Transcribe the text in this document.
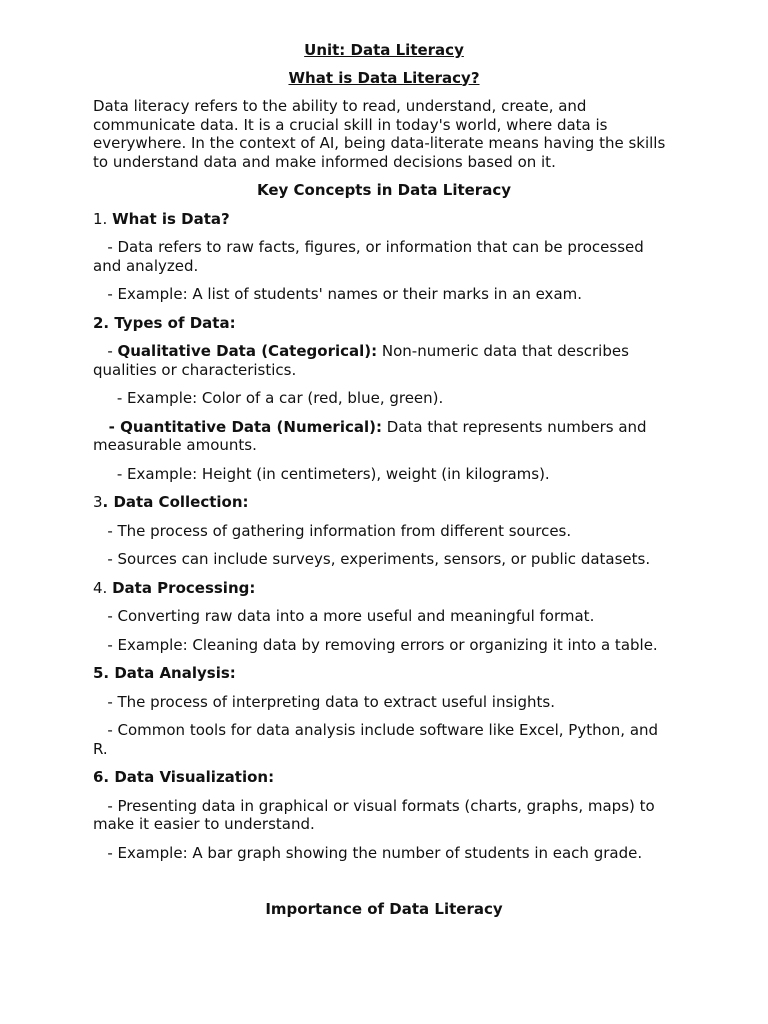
Unit: Data Literacy
What is Data Literacy?

Data literacy refers to the ability to read, understand, create, and communicate data. It is a crucial skill in today's world, where data is everywhere. In the context of AI, being data-literate means having the skills to understand data and make informed decisions based on it.

Key Concepts in Data Literacy

1. What is Data?

- Data refers to raw facts, figures, or information that can be processed and analyzed.

- Example: A list of students' names or their marks in an exam.

2. Types of Data:

- Qualitative Data (Categorical): Non-numeric data that describes qualities or characteristics.

- Example: Color of a car (red, blue, green).

- Quantitative Data (Numerical): Data that represents numbers and measurable amounts.

- Example: Height (in centimeters), weight (in kilograms).

3. Data Collection:

- The process of gathering information from different sources.

- Sources can include surveys, experiments, sensors, or public datasets.

4. Data Processing:

- Converting raw data into a more useful and meaningful format.

- Example: Cleaning data by removing errors or organizing it into a table.

5. Data Analysis:

- The process of interpreting data to extract useful insights.

- Common tools for data analysis include software like Excel, Python, and R.

6. Data Visualization:

- Presenting data in graphical or visual formats (charts, graphs, maps) to make it easier to understand.

- Example: A bar graph showing the number of students in each grade.

Importance of Data Literacy
